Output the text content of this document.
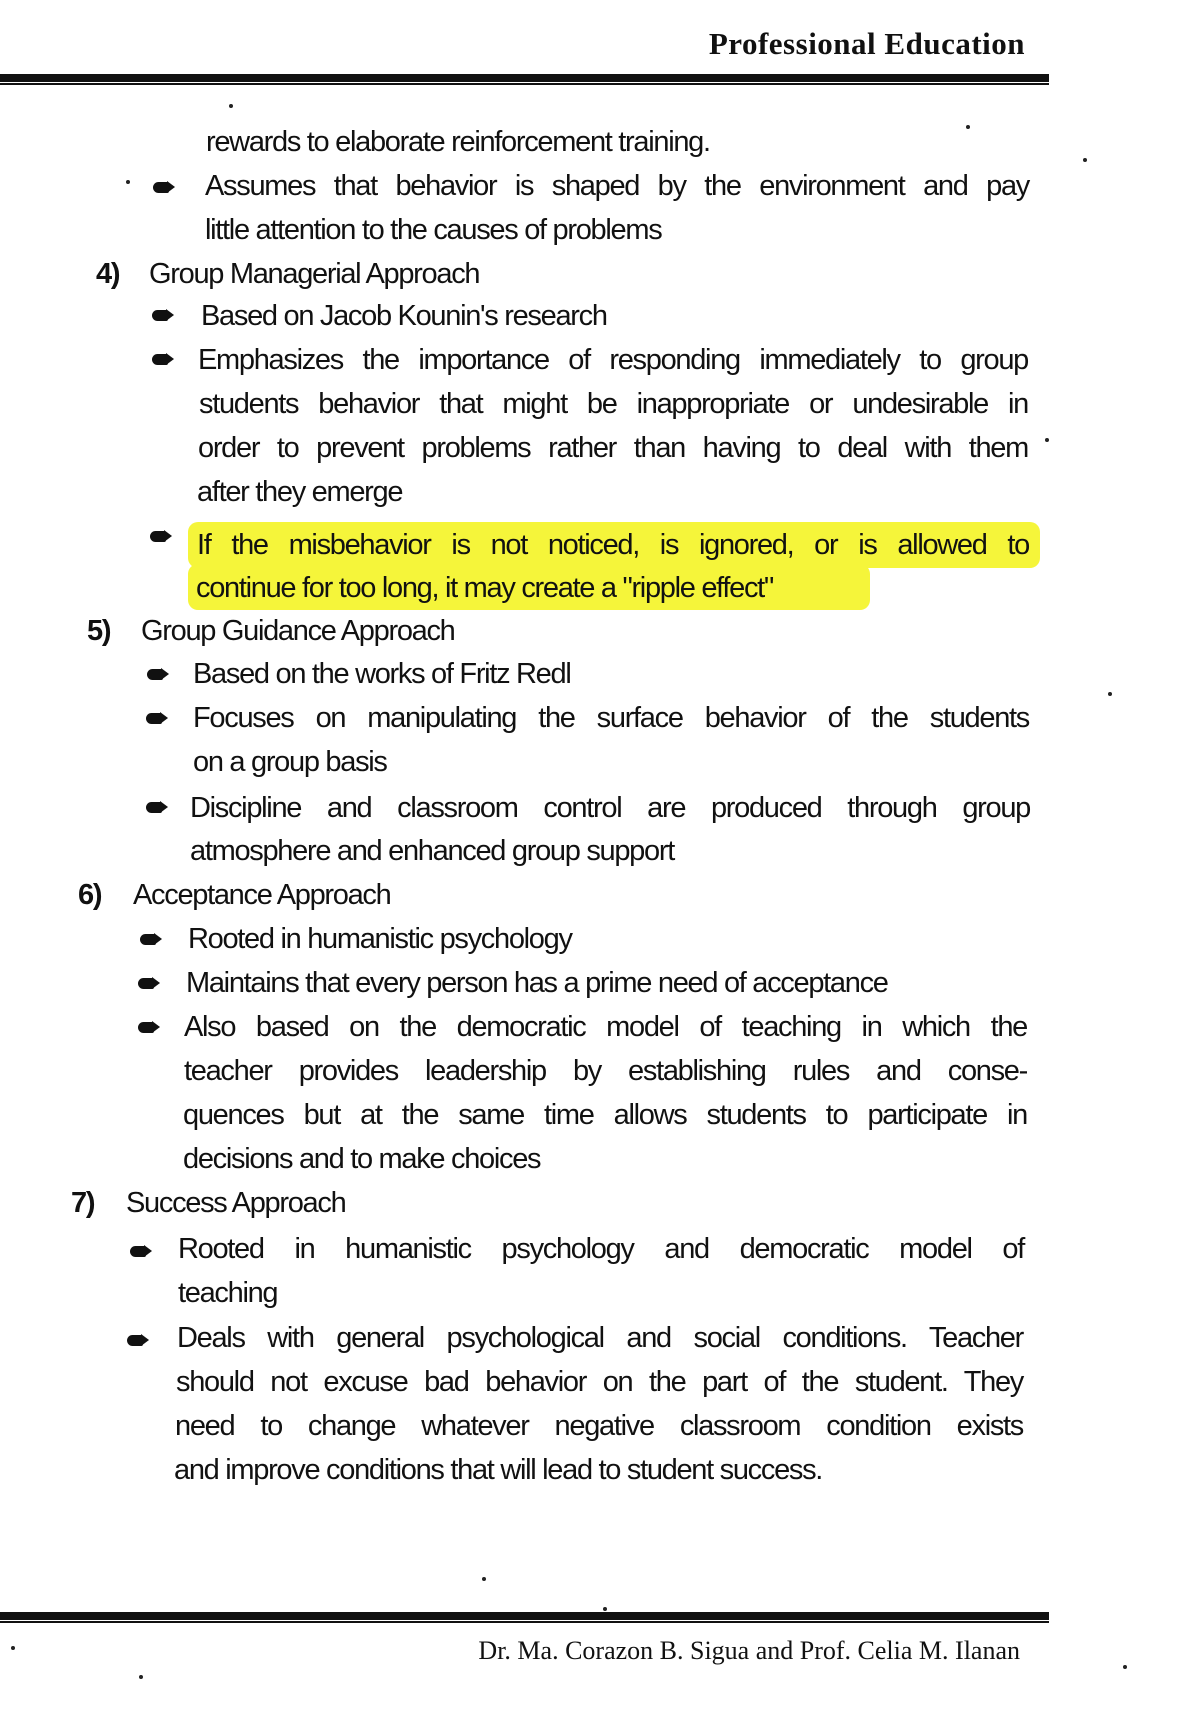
Professional Education
rewards to elaborate reinforcement training.
Assumes that behavior is shaped by the environment and pay
little attention to the causes of problems
4) Group Managerial Approach
Based on Jacob Kounin's research
Emphasizes the importance of responding immediately to group
students behavior that might be inappropriate or undesirable in
order to prevent problems rather than having to deal with them
after they emerge
If the misbehavior is not noticed, is ignored, or is allowed to
continue for too long, it may create a "ripple effect"
5) Group Guidance Approach
Based on the works of Fritz Redl
Focuses on manipulating the surface behavior of the students
on a group basis
Discipline and classroom control are produced through group
atmosphere and enhanced group support
6) Acceptance Approach
Rooted in humanistic psychology
Maintains that every person has a prime need of acceptance
Also based on the democratic model of teaching in which the
teacher provides leadership by establishing rules and conse-
quences but at the same time allows students to participate in
decisions and to make choices
7) Success Approach
Rooted in humanistic psychology and democratic model of
teaching
Deals with general psychological and social conditions. Teacher
should not excuse bad behavior on the part of the student. They
need to change whatever negative classroom condition exists
and improve conditions that will lead to student success.
Dr. Ma. Corazon B. Sigua and Prof. Celia M. Ilanan
